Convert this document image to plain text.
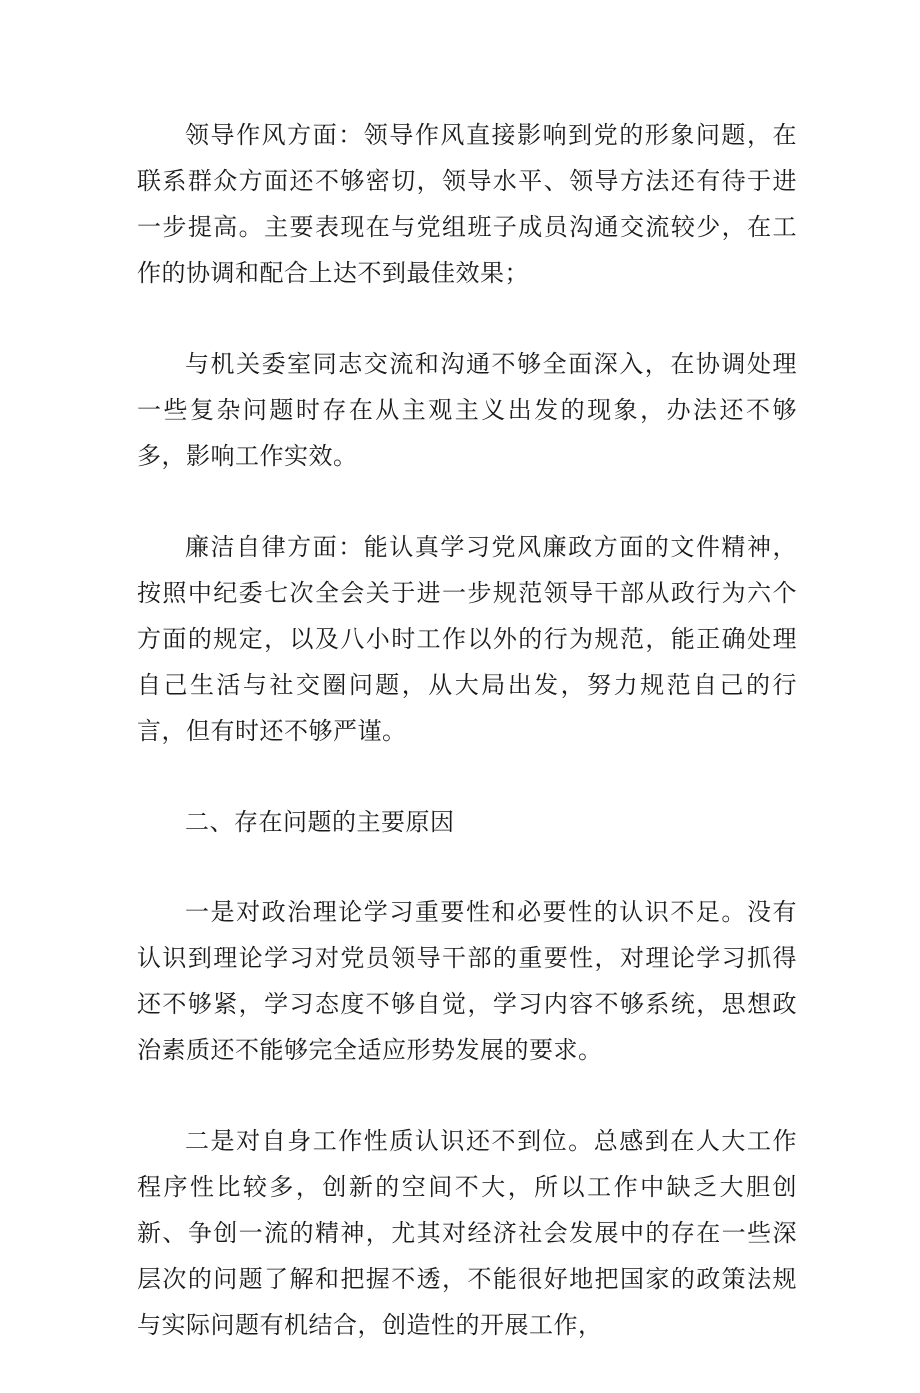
领导作风方面：领导作风直接影响到党的形象问题，在联系群众方面还不够密切，领导水平、领导方法还有待于进一步提高。主要表现在与党组班子成员沟通交流较少，在工作的协调和配合上达不到最佳效果；

与机关委室同志交流和沟通不够全面深入，在协调处理一些复杂问题时存在从主观主义出发的现象，办法还不够多，影响工作实效。

廉洁自律方面：能认真学习党风廉政方面的文件精神，按照中纪委七次全会关于进一步规范领导干部从政行为六个方面的规定，以及八小时工作以外的行为规范，能正确处理自己生活与社交圈问题，从大局出发，努力规范自己的行言，但有时还不够严谨。

二、存在问题的主要原因

一是对政治理论学习重要性和必要性的认识不足。没有认识到理论学习对党员领导干部的重要性，对理论学习抓得还不够紧，学习态度不够自觉，学习内容不够系统，思想政治素质还不能够完全适应形势发展的要求。

二是对自身工作性质认识还不到位。总感到在人大工作程序性比较多，创新的空间不大，所以工作中缺乏大胆创新、争创一流的精神，尤其对经济社会发展中的存在一些深层次的问题了解和把握不透，不能很好地把国家的政策法规与实际问题有机结合，创造性的开展工作，
